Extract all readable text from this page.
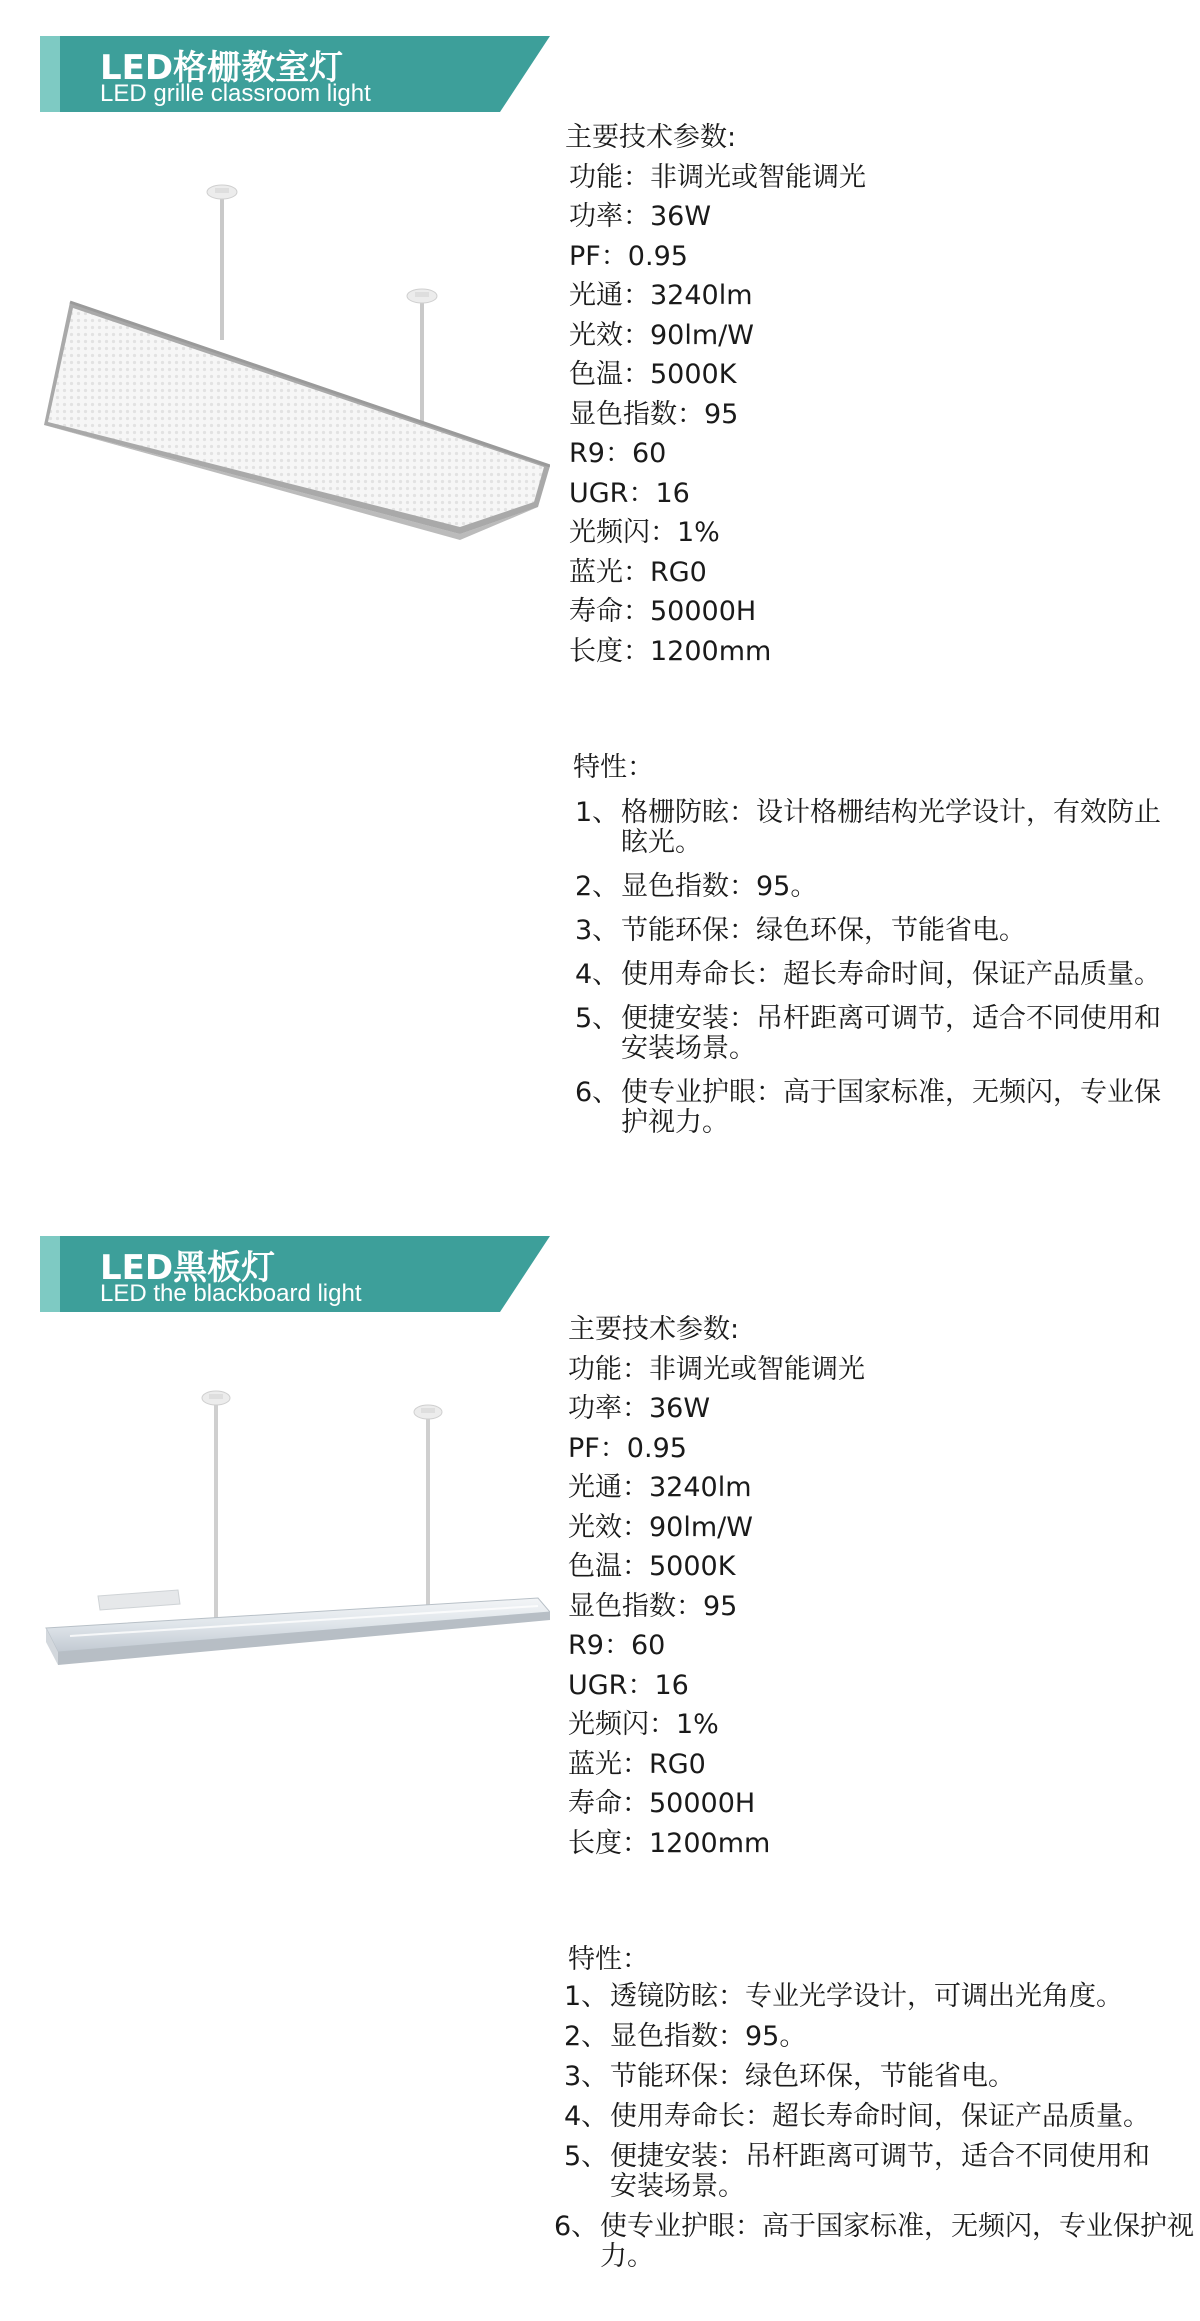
LED格栅教室灯
LED grille classroom light
主要技术参数:
功能：非调光或智能调光
功率：36W
PF：0.95
光通：3240lm
光效：90lm/W
色温：5000K
显色指数：95
R9：60
UGR：16
光频闪：1%
蓝光：RG0
寿命：50000H
长度：1200mm
特性：
1、 格栅防眩：设计格栅结构光学设计，有效防止眩光。
2、 显色指数：95。
3、 节能环保：绿色环保，节能省电。
4、 使用寿命长：超长寿命时间，保证产品质量。
5、 便捷安装：吊杆距离可调节，适合不同使用和安装场景。
6、 使专业护眼：高于国家标准，无频闪，专业保护视力。
LED黑板灯
LED the blackboard light
主要技术参数:
功能：非调光或智能调光
功率：36W
PF：0.95
光通：3240lm
光效：90lm/W
色温：5000K
显色指数：95
R9：60
UGR：16
光频闪：1%
蓝光：RG0
寿命：50000H
长度：1200mm
特性：
1、 透镜防眩：专业光学设计，可调出光角度。
2、 显色指数：95。
3、 节能环保：绿色环保，节能省电。
4、 使用寿命长：超长寿命时间，保证产品质量。
5、 便捷安装：吊杆距离可调节，适合不同使用和安装场景。
6、 使专业护眼：高于国家标准，无频闪，专业保护视力。
